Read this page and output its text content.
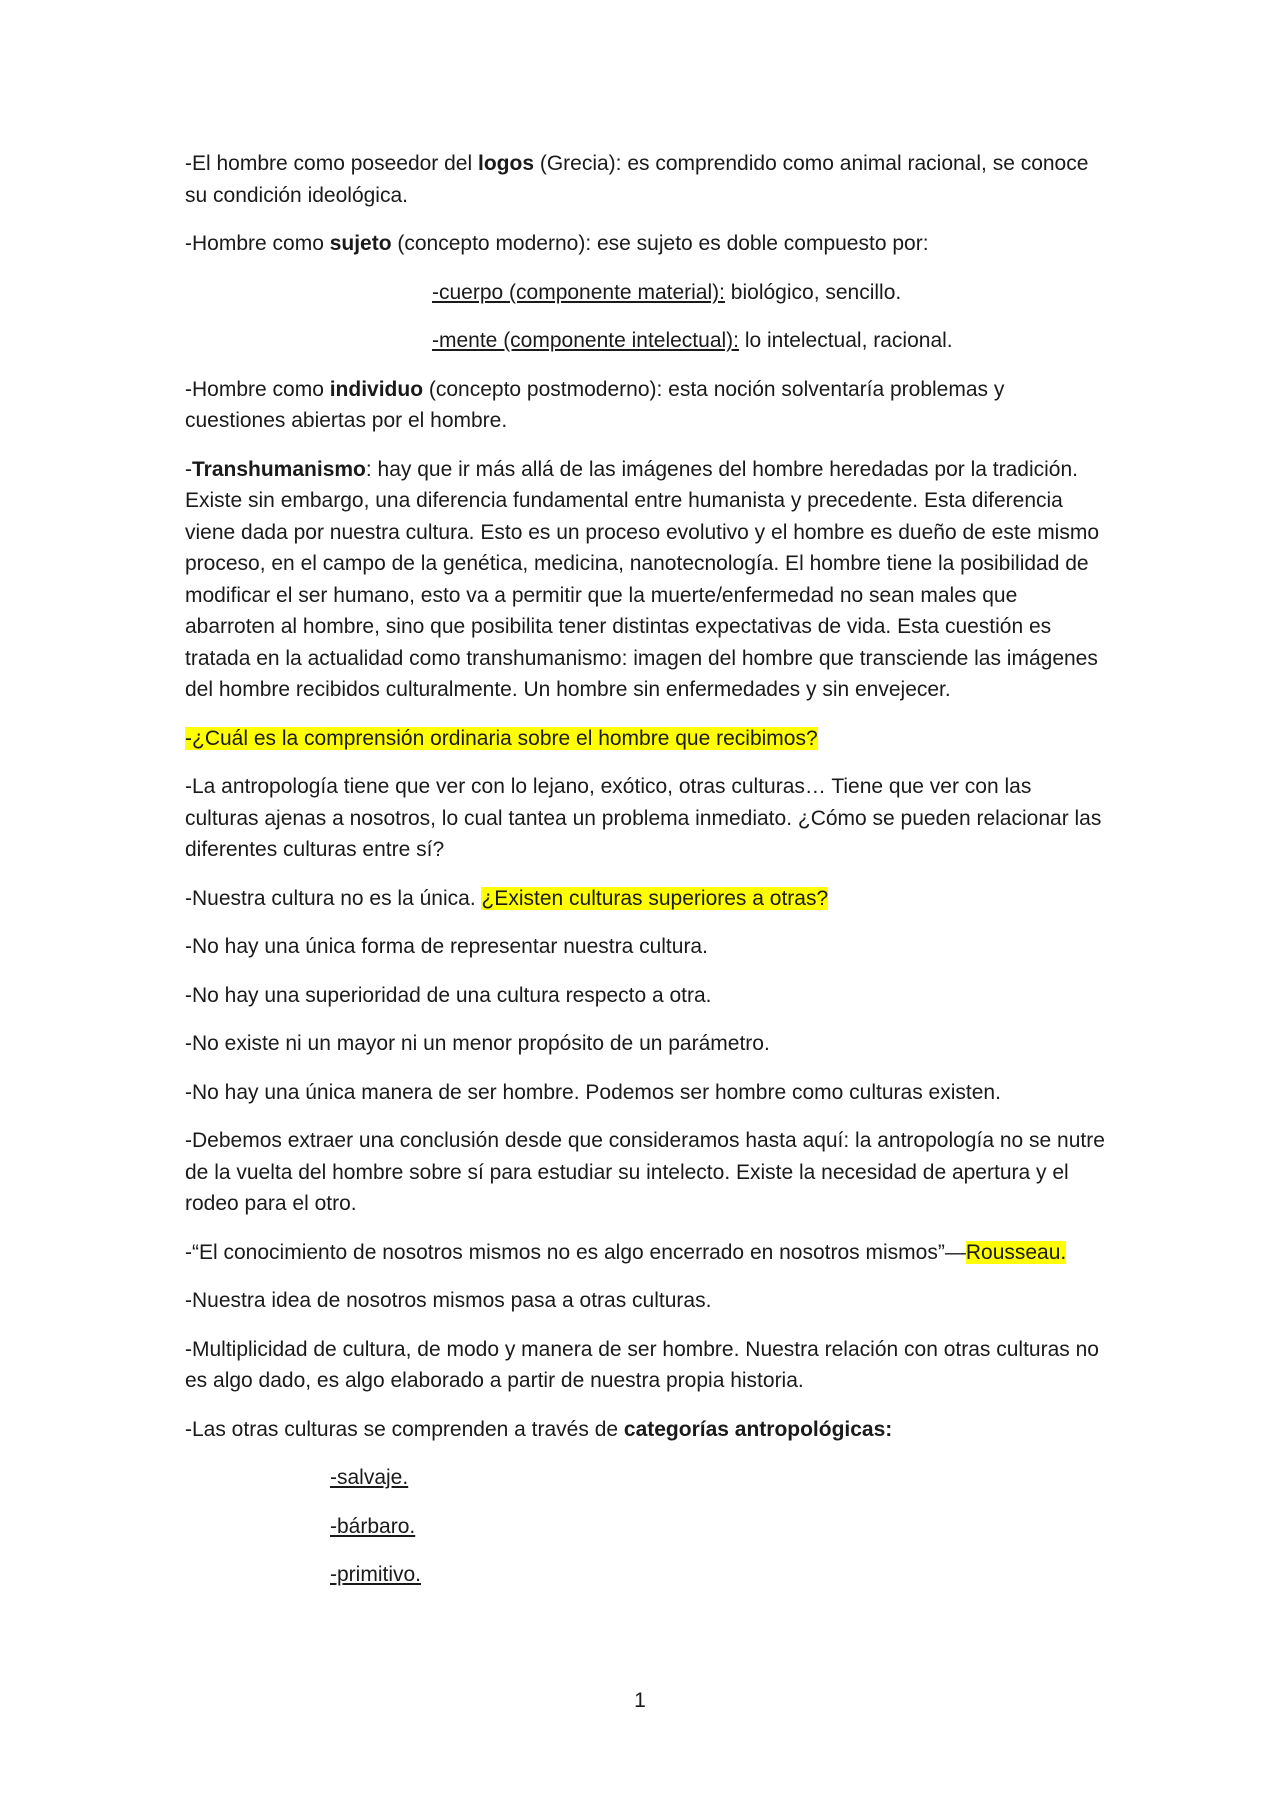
-El hombre como poseedor del logos (Grecia): es comprendido como animal racional, se conoce su condición ideológica.

-Hombre como sujeto (concepto moderno): ese sujeto es doble compuesto por:

-cuerpo (componente material): biológico, sencillo.

-mente (componente intelectual): lo intelectual, racional.

-Hombre como individuo (concepto postmoderno): esta noción solventaría problemas y cuestiones abiertas por el hombre.

-Transhumanismo: hay que ir más allá de las imágenes del hombre heredadas por la tradición. Existe sin embargo, una diferencia fundamental entre humanista y precedente. Esta diferencia viene dada por nuestra cultura. Esto es un proceso evolutivo y el hombre es dueño de este mismo proceso, en el campo de la genética, medicina, nanotecnología. El hombre tiene la posibilidad de modificar el ser humano, esto va a permitir que la muerte/enfermedad no sean males que abarroten al hombre, sino que posibilita tener distintas expectativas de vida. Esta cuestión es tratada en la actualidad como transhumanismo: imagen del hombre que transciende las imágenes del hombre recibidos culturalmente. Un hombre sin enfermedades y sin envejecer.

-¿Cuál es la comprensión ordinaria sobre el hombre que recibimos?

-La antropología tiene que ver con lo lejano, exótico, otras culturas… Tiene que ver con las culturas ajenas a nosotros, lo cual tantea un problema inmediato. ¿Cómo se pueden relacionar las diferentes culturas entre sí?

-Nuestra cultura no es la única. ¿Existen culturas superiores a otras?

-No hay una única forma de representar nuestra cultura.

-No hay una superioridad de una cultura respecto a otra.

-No existe ni un mayor ni un menor propósito de un parámetro.

-No hay una única manera de ser hombre. Podemos ser hombre como culturas existen.

-Debemos extraer una conclusión desde que consideramos hasta aquí: la antropología no se nutre de la vuelta del hombre sobre sí para estudiar su intelecto. Existe la necesidad de apertura y el rodeo para el otro.

-“El conocimiento de nosotros mismos no es algo encerrado en nosotros mismos”—Rousseau.

-Nuestra idea de nosotros mismos pasa a otras culturas.

-Multiplicidad de cultura, de modo y manera de ser hombre. Nuestra relación con otras culturas no es algo dado, es algo elaborado a partir de nuestra propia historia.

-Las otras culturas se comprenden a través de categorías antropológicas:

-salvaje.

-bárbaro.

-primitivo.

1
